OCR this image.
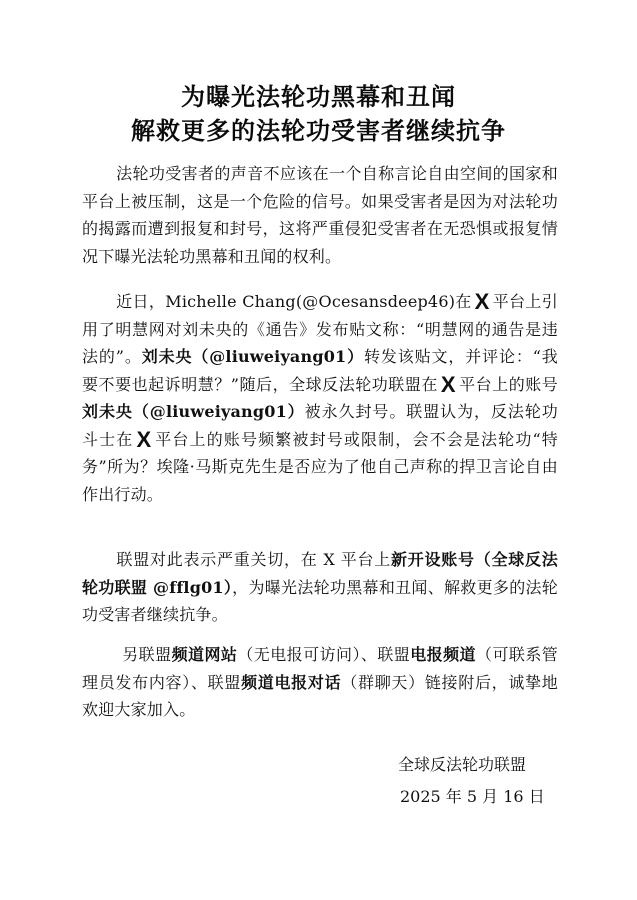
为曝光法轮功黑幕和丑闻
解救更多的法轮功受害者继续抗争
法轮功受害者的声音不应该在一个自称言论自由空间的国家和平台上被压制，这是一个危险的信号。如果受害者是因为对法轮功的揭露而遭到报复和封号，这将严重侵犯受害者在无恐惧或报复情况下曝光法轮功黑幕和丑闻的权利。
近日，Michelle Chang(@Ocesansdeep46)在 X 平台上引用了明慧网对刘未央的《通告》发布贴文称：“明慧网的通告是违法的”。刘未央（@liuweiyang01）转发该贴文，并评论：“我要不要也起诉明慧？”随后，全球反法轮功联盟在 X 平台上的账号刘未央（@liuweiyang01）被永久封号。联盟认为，反法轮功斗士在 X 平台上的账号频繁被封号或限制，会不会是法轮功“特务”所为？埃隆·马斯克先生是否应为了他自己声称的捍卫言论自由作出行动。
联盟对此表示严重关切，在 X 平台上新开设账号（全球反法轮功联盟 @fflg01），为曝光法轮功黑幕和丑闻、解救更多的法轮功受害者继续抗争。
另联盟频道网站（无电报可访问）、联盟电报频道（可联系管理员发布内容）、联盟频道电报对话（群聊天）链接附后，诚挚地欢迎大家加入。
全球反法轮功联盟
2025 年 5 月 16 日
